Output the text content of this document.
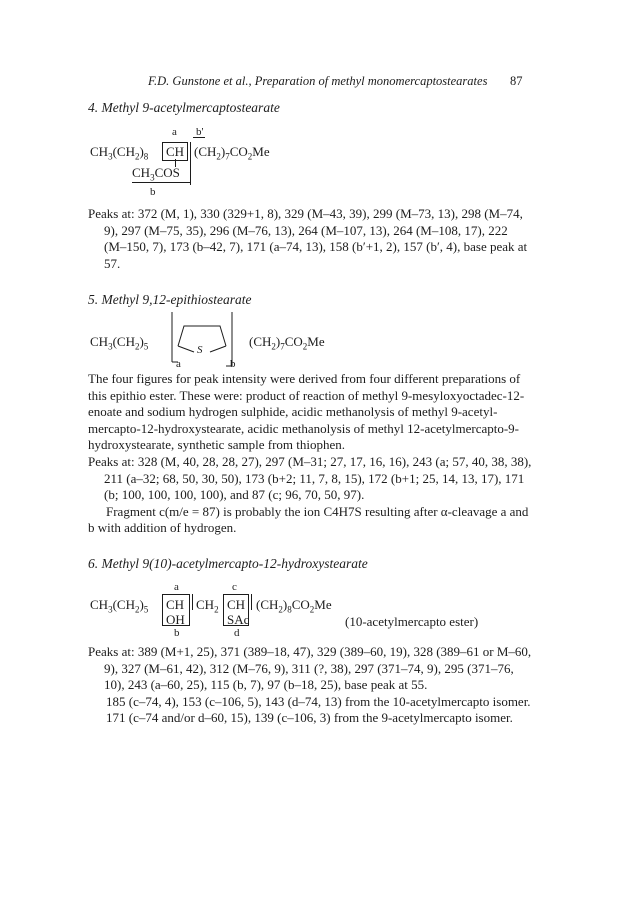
F.D. Gunstone et al., Preparation of methyl monomercaptostearates 87
4. Methyl 9-acetylmercaptostearate
a b'
$CH_3(CH_2)_8$ CH $(CH_2)_7CO_2Me$
$CH_3COS$
b

Peaks at: 372 (M, 1), 330 (329+1, 8), 329 (M–43, 39), 299 (M–73, 13), 298 (M–74, 9), 297 (M–75, 35), 296 (M–76, 13), 264 (M–107, 13), 264 (M–108, 17), 222 (M–150, 7), 173 (b–42, 7), 171 (a–74, 13), 158 (b′+1, 2), 157 (b′, 4), base peak at 57.

5. Methyl 9,12-epithiostearate
$CH_3(CH_2)_5$	S
$(CH_2)_7CO_2Me$
a	b

The four figures for peak intensity were derived from four different preparations of this epithio ester. These were: product of reaction of methyl 9-mesyloxyoctadec-12-enoate and sodium hydrogen sulphide, acidic methanolysis of methyl 9-acetyl-mercapto-12-hydroxystearate, acidic methanolysis of methyl 12-acetylmercapto-9-hydroxystearate, synthetic sample from thiophen.

Peaks at: 328 (M, 40, 28, 28, 27), 297 (M–31; 27, 17, 16, 16), 243 (a; 57, 40, 38, 38), 211 (a–32; 68, 50, 30, 50), 173 (b+2; 11, 7, 8, 15), 172 (b+1; 25, 14, 13, 17), 171 (b; 100, 100, 100, 100), and 87 (c; 96, 70, 50, 97).
Fragment c(m/e = 87) is probably the ion C4H7S resulting after α-cleavage a and b with addition of hydrogen.

6. Methyl 9(10)-acetylmercapto-12-hydroxystearate
a	c
$CH_3(CH_2)_5$ CH $CH_2$ CH $(CH_2)_8CO_2Me$
OH	SAc	(10-acetylmercapto ester)
b	d

Peaks at: 389 (M+1, 25), 371 (389–18, 47), 329 (389–60, 19), 328 (389–61 or M–60, 9), 327 (M–61, 42), 312 (M–76, 9), 311 (?, 38), 297 (371–74, 9), 295 (371–76, 10), 243 (a–60, 25), 115 (b, 7), 97 (b–18, 25), base peak at 55.
185 (c–74, 4), 153 (c–106, 5), 143 (d–74, 13) from the 10-acetylmercapto isomer.
171 (c–74 and/or d–60, 15), 139 (c–106, 3) from the 9-acetylmercapto isomer.
